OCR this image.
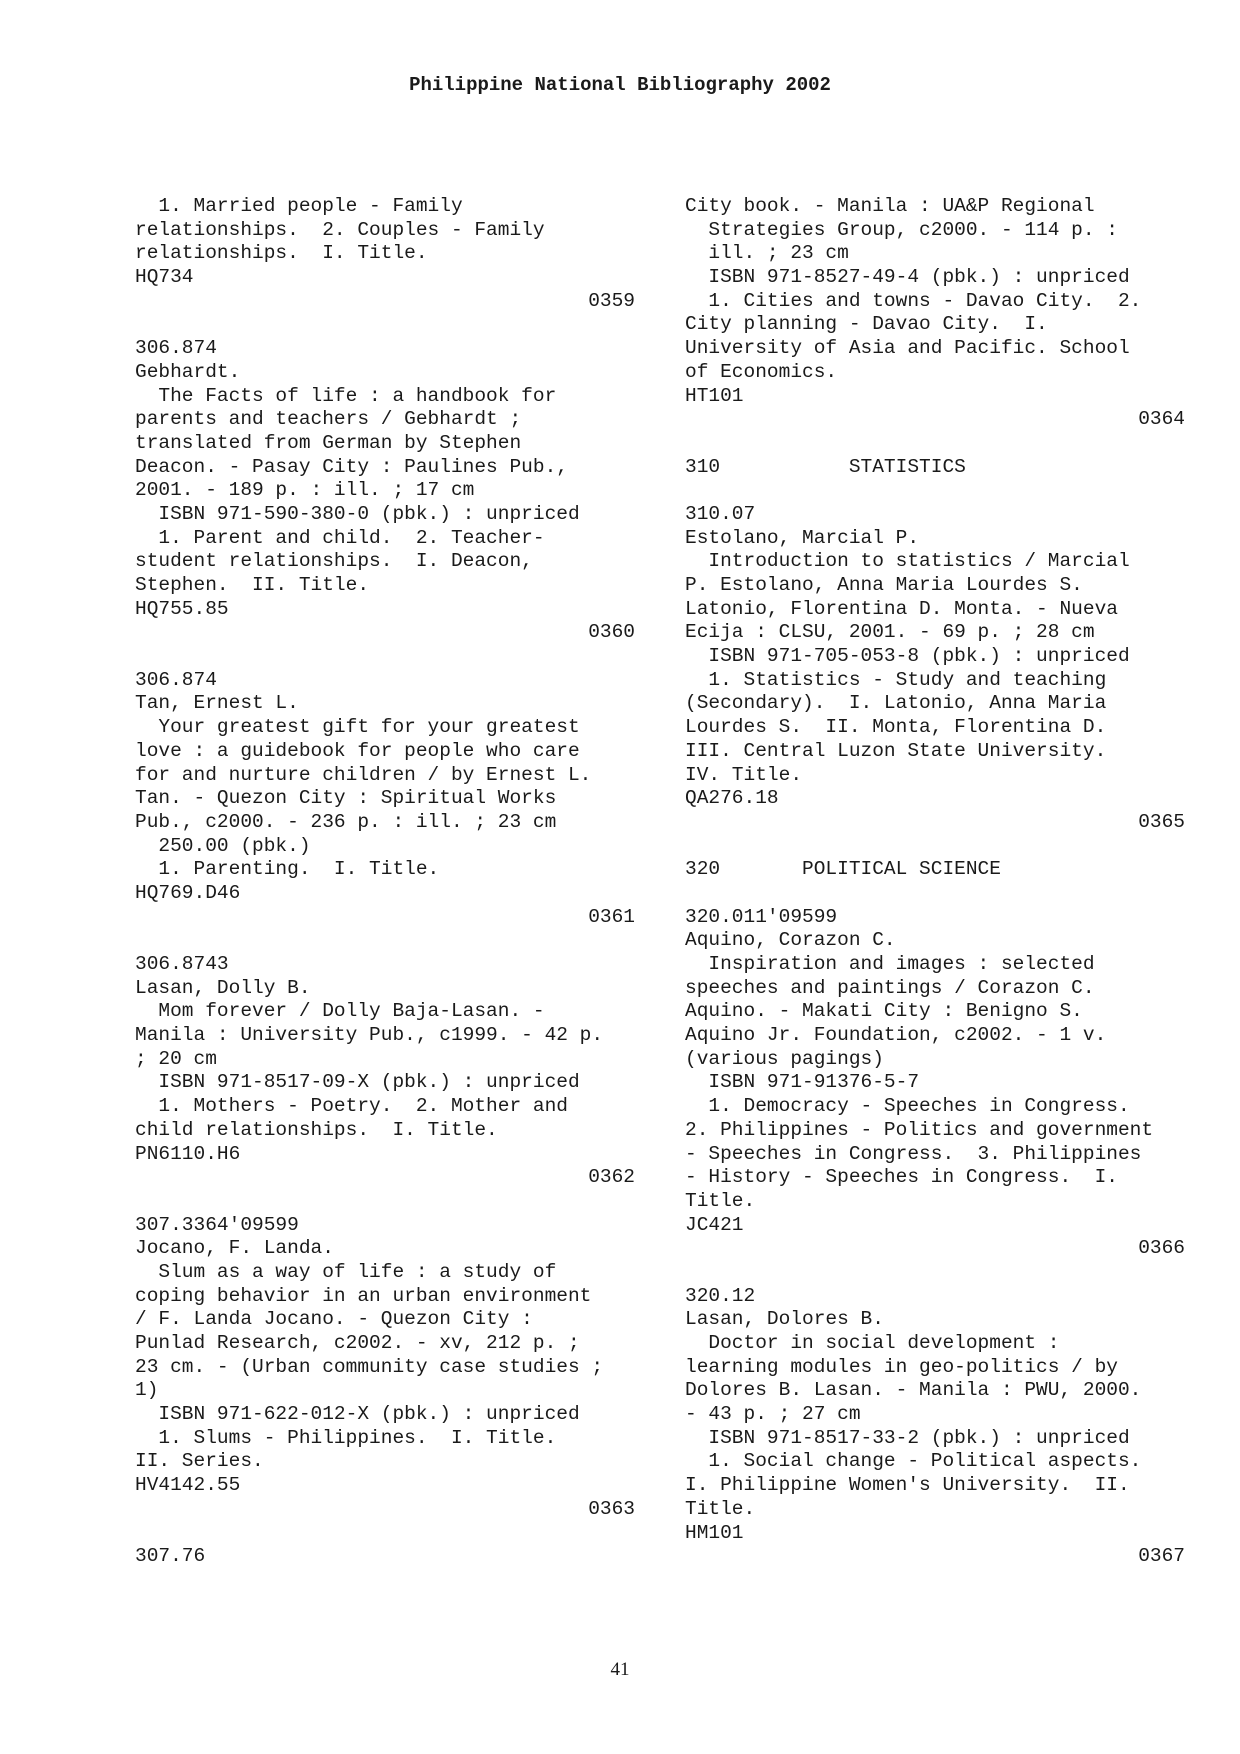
Philippine National Bibliography 2002
1. Married people - Family
relationships.  2. Couples - Family
relationships.  I. Title.
HQ734
0359
306.874
Gebhardt.
The Facts of life : a handbook for
parents and teachers / Gebhardt ;
translated from German by Stephen
Deacon. - Pasay City : Paulines Pub.,
2001. - 189 p. : ill. ; 17 cm
ISBN 971-590-380-0 (pbk.) : unpriced
1. Parent and child.  2. Teacher-
student relationships.  I. Deacon,
Stephen.  II. Title.
HQ755.85
0360
306.874
Tan, Ernest L.
Your greatest gift for your greatest
love : a guidebook for people who care
for and nurture children / by Ernest L.
Tan. - Quezon City : Spiritual Works
Pub., c2000. - 236 p. : ill. ; 23 cm
250.00 (pbk.)
1. Parenting.  I. Title.
HQ769.D46
0361
306.8743
Lasan, Dolly B.
Mom forever / Dolly Baja-Lasan. -
Manila : University Pub., c1999. - 42 p.
; 20 cm
ISBN 971-8517-09-X (pbk.) : unpriced
1. Mothers - Poetry.  2. Mother and
child relationships.  I. Title.
PN6110.H6
0362
307.3364'09599
Jocano, F. Landa.
Slum as a way of life : a study of
coping behavior in an urban environment
/ F. Landa Jocano. - Quezon City :
Punlad Research, c2002. - xv, 212 p. ;
23 cm. - (Urban community case studies ;
1)
ISBN 971-622-012-X (pbk.) : unpriced
1. Slums - Philippines.  I. Title.
II. Series.
HV4142.55
0363
307.76
City book. - Manila : UA&P Regional
Strategies Group, c2000. - 114 p. :
ill. ; 23 cm
ISBN 971-8527-49-4 (pbk.) : unpriced
1. Cities and towns - Davao City.  2.
City planning - Davao City.  I.
University of Asia and Pacific. School
of Economics.
HT101
0364
310           STATISTICS
310.07
Estolano, Marcial P.
Introduction to statistics / Marcial
P. Estolano, Anna Maria Lourdes S.
Latonio, Florentina D. Monta. - Nueva
Ecija : CLSU, 2001. - 69 p. ; 28 cm
ISBN 971-705-053-8 (pbk.) : unpriced
1. Statistics - Study and teaching
(Secondary).  I. Latonio, Anna Maria
Lourdes S.  II. Monta, Florentina D.
III. Central Luzon State University.
IV. Title.
QA276.18
0365
320       POLITICAL SCIENCE
320.011'09599
Aquino, Corazon C.
Inspiration and images : selected
speeches and paintings / Corazon C.
Aquino. - Makati City : Benigno S.
Aquino Jr. Foundation, c2002. - 1 v.
(various pagings)
ISBN 971-91376-5-7
1. Democracy - Speeches in Congress.
2. Philippines - Politics and government
- Speeches in Congress.  3. Philippines
- History - Speeches in Congress.  I.
Title.
JC421
0366
320.12
Lasan, Dolores B.
Doctor in social development :
learning modules in geo-politics / by
Dolores B. Lasan. - Manila : PWU, 2000.
- 43 p. ; 27 cm
ISBN 971-8517-33-2 (pbk.) : unpriced
1. Social change - Political aspects.
I. Philippine Women's University.  II.
Title.
HM101
0367
41
